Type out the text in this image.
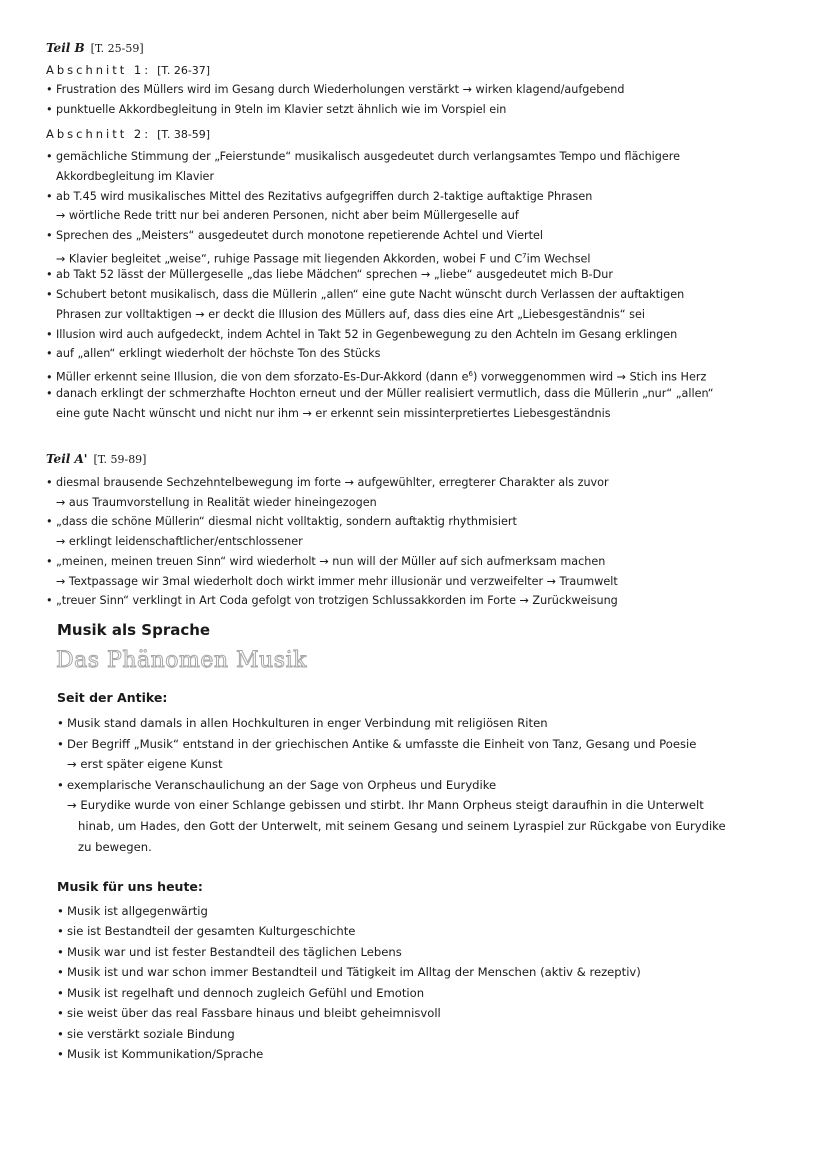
Teil B [T. 25-59]
Abschnitt 1: [T. 26-37]
• Frustration des Müllers wird im Gesang durch Wiederholungen verstärkt → wirken klagend/aufgebend
• punktuelle Akkordbegleitung in 9teln im Klavier setzt ähnlich wie im Vorspiel ein
Abschnitt 2: [T. 38-59]
• gemächliche Stimmung der „Feierstunde“ musikalisch ausgedeutet durch verlangsamtes Tempo und flächigere
Akkordbegleitung im Klavier
• ab T.45 wird musikalisches Mittel des Rezitativs aufgegriffen durch 2-taktige auftaktige Phrasen
→ wörtliche Rede tritt nur bei anderen Personen, nicht aber beim Müllergeselle auf
• Sprechen des „Meisters“ ausgedeutet durch monotone repetierende Achtel und Viertel
→ Klavier begleitet „weise“, ruhige Passage mit liegenden Akkorden, wobei F und $C^7im$ Wechsel
• ab Takt 52 lässt der Müllergeselle „das liebe Mädchen“ sprechen → „liebe“ ausgedeutet mich B-Dur
• Schubert betont musikalisch, dass die Müllerin „allen“ eine gute Nacht wünscht durch Verlassen der auftaktigen
Phrasen zur volltaktigen → er deckt die Illusion des Müllers auf, dass dies eine Art „Liebesgeständnis“ sei
• Illusion wird auch aufgedeckt, indem Achtel in Takt 52 in Gegenbewegung zu den Achteln im Gesang erklingen
• auf „allen“ erklingt wiederholt der höchste Ton des Stücks
• Müller erkennt seine Illusion, die von dem sforzato-Es-Dur-Akkord (dann $e^6$) vorweggenommen wird → Stich ins Herz
• danach erklingt der schmerzhafte Hochton erneut und der Müller realisiert vermutlich, dass die Müllerin „nur“ „allen“
eine gute Nacht wünscht und nicht nur ihm → er erkennt sein missinterpretiertes Liebesgeständnis
Teil A' [T. 59-89]
• diesmal brausende Sechzehntelbewegung im forte → aufgewühlter, erregterer Charakter als zuvor
→ aus Traumvorstellung in Realität wieder hineingezogen
• „dass die schöne Müllerin“ diesmal nicht volltaktig, sondern auftaktig rhythmisiert
→ erklingt leidenschaftlicher/entschlossener
• „meinen, meinen treuen Sinn“ wird wiederholt → nun will der Müller auf sich aufmerksam machen
→ Textpassage wir 3mal wiederholt doch wirkt immer mehr illusionär und verzweifelter → Traumwelt
• „treuer Sinn“ verklingt in Art Coda gefolgt von trotzigen Schlussakkorden im Forte → Zurückweisung
Musik als Sprache
Das Phänomen Musik
Seit der Antike:
• Musik stand damals in allen Hochkulturen in enger Verbindung mit religiösen Riten
• Der Begriff „Musik“ entstand in der griechischen Antike & umfasste die Einheit von Tanz, Gesang und Poesie
→ erst später eigene Kunst
• exemplarische Veranschaulichung an der Sage von Orpheus und Eurydike
→ Eurydike wurde von einer Schlange gebissen und stirbt. Ihr Mann Orpheus steigt daraufhin in die Unterwelt
hinab, um Hades, den Gott der Unterwelt, mit seinem Gesang und seinem Lyraspiel zur Rückgabe von Eurydike
zu bewegen.
Musik für uns heute:
• Musik ist allgegenwärtig
• sie ist Bestandteil der gesamten Kulturgeschichte
• Musik war und ist fester Bestandteil des täglichen Lebens
• Musik ist und war schon immer Bestandteil und Tätigkeit im Alltag der Menschen (aktiv & rezeptiv)
• Musik ist regelhaft und dennoch zugleich Gefühl und Emotion
• sie weist über das real Fassbare hinaus und bleibt geheimnisvoll
• sie verstärkt soziale Bindung
• Musik ist Kommunikation/Sprache
